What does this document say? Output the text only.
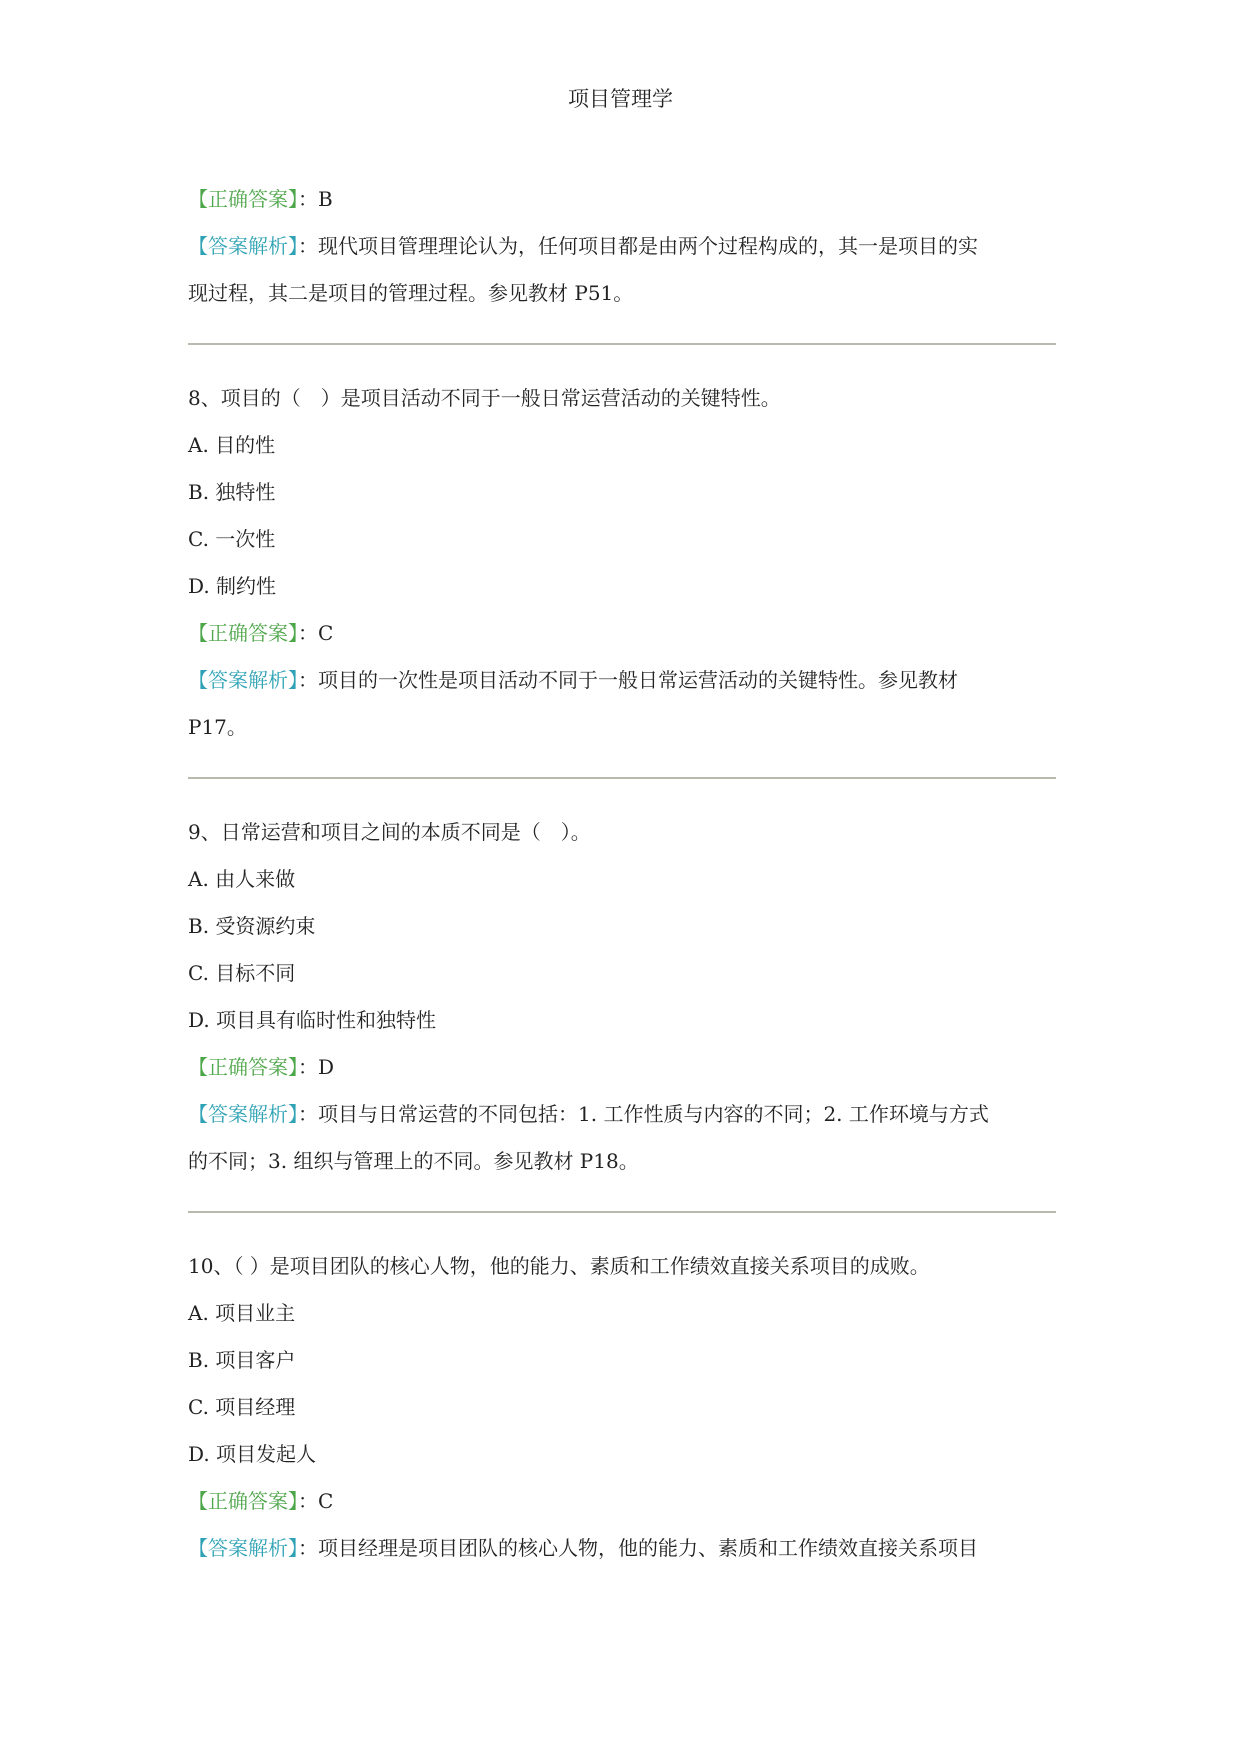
项目管理学

【正确答案】：B

【答案解析】：现代项目管理理论认为，任何项目都是由两个过程构成的，其一是项目的实

现过程，其二是项目的管理过程。参见教材 P51。

8、项目的（　）是项目活动不同于一般日常运营活动的关键特性。

A. 目的性

B. 独特性

C. 一次性

D. 制约性

【正确答案】：C

【答案解析】：项目的一次性是项目活动不同于一般日常运营活动的关键特性。参见教材

P17。

9、日常运营和项目之间的本质不同是（　）。

A. 由人来做

B. 受资源约束

C. 目标不同

D. 项目具有临时性和独特性

【正确答案】：D

【答案解析】：项目与日常运营的不同包括：1. 工作性质与内容的不同；2. 工作环境与方式

的不同；3. 组织与管理上的不同。参见教材 P18。

10、（ ）是项目团队的核心人物，他的能力、素质和工作绩效直接关系项目的成败。

A. 项目业主

B. 项目客户

C. 项目经理

D. 项目发起人

【正确答案】：C

【答案解析】：项目经理是项目团队的核心人物，他的能力、素质和工作绩效直接关系项目
